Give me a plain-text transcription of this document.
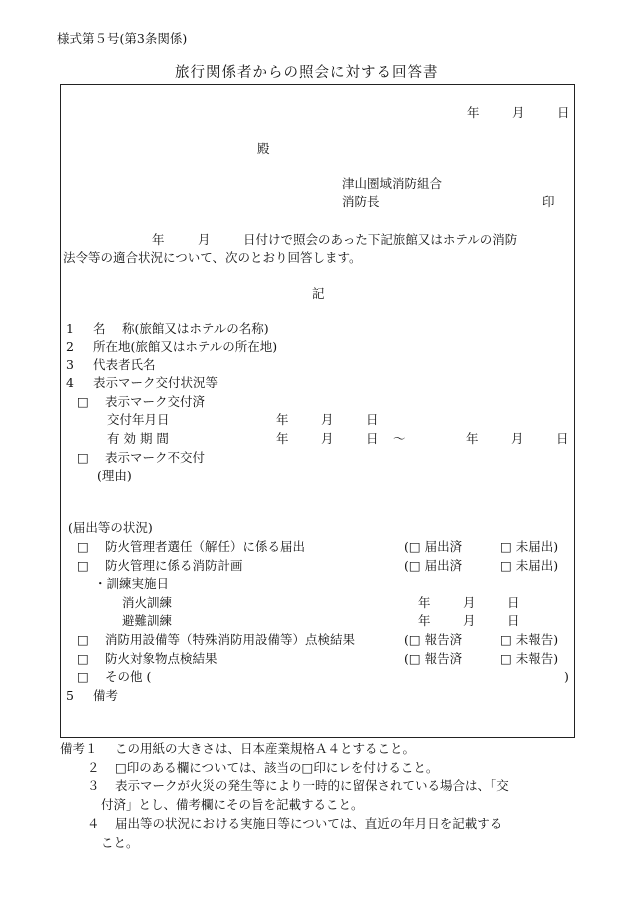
様式第５号(第3条関係)
旅行関係者からの照会に対する回答書
年	月	日
殿
津山圏域消防組合
消防長	印
年	月	日付けで照会のあった下記旅館又はホテルの消防
法令等の適合状況について、次のとおり回答します。
記
1 名　 称(旅館又はホテルの名称)
2 所在地(旅館又はホテルの所在地)
3 代表者氏名
4 表示マーク交付状況等
□ 表示マーク交付済
交付年月日	年	月	日
有 効 期 間	年	月	日 ～	年	月	日
□ 表示マーク不交付
(理由)
(届出等の状況)
□ 防火管理者選任（解任）に係る届出	(□ 届出済	□ 未届出)
□ 防火管理に係る消防計画	(□ 届出済	□ 未届出)
・訓練実施日
消火訓練	年	月	日
避難訓練	年	月	日
□ 消防用設備等（特殊消防用設備等）点検結果	(□ 報告済	□ 未報告)
□ 防火対象物点検結果	(□ 報告済	□ 未報告)
□ その他 (	)
5 備考
備考１ この用紙の大きさは、日本産業規格Ａ４とすること。
２ □印のある欄については、該当の□印にレを付けること。
３ 表示マークが火災の発生等により一時的に留保されている場合は、「交
付済」とし、備考欄にその旨を記載すること。
４ 届出等の状況における実施日等については、直近の年月日を記載する
こと。
